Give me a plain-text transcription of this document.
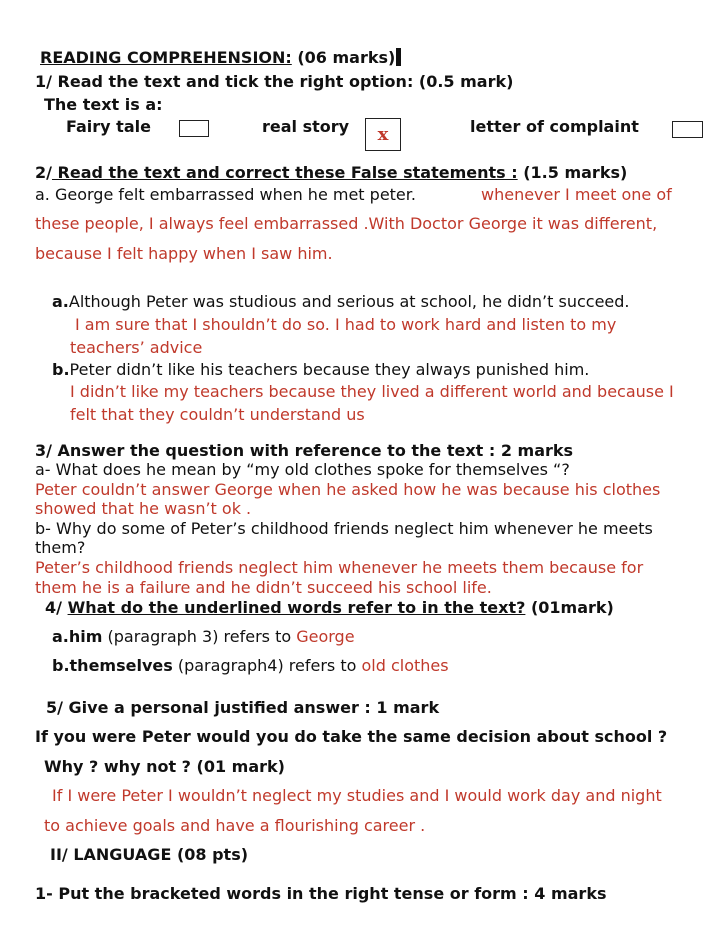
READING COMPREHENSION: (06 marks)
1/ Read the text and tick the right option: (0.5 mark)
The text is a:
Fairy tale	real story x	letter of complaint
2/ Read the text and correct these False statements : (1.5 marks)
a. George felt embarrassed when he met peter.	whenever I meet one of
these people, I always feel embarrassed .With Doctor George it was different,
because I felt happy when I saw him.
a.Although Peter was studious and serious at school, he didn’t succeed.
I am sure that I shouldn’t do so. I had to work hard and listen to my
teachers’ advice
b.Peter didn’t like his teachers because they always punished him.
I didn’t like my teachers because they lived a different world and because I
felt that they couldn’t understand us
3/ Answer the question with reference to the text : 2 marks
a- What does he mean by “my old clothes spoke for themselves “?
Peter couldn’t answer George when he asked how he was because his clothes
showed that he wasn’t ok .
b- Why do some of Peter’s childhood friends neglect him whenever he meets
them?
Peter’s childhood friends neglect him whenever he meets them because for
them he is a failure and he didn’t succeed his school life.
4/ What do the underlined words refer to in the text? (01mark)
a.him (paragraph 3) refers to George
b.themselves (paragraph4) refers to old clothes
5/ Give a personal justified answer : 1 mark
If you were Peter would you do take the same decision about school ?
Why ? why not ? (01 mark)
If I were Peter I wouldn’t neglect my studies and I would work day and night
to achieve goals and have a flourishing career .
II/ LANGUAGE (08 pts)
1- Put the bracketed words in the right tense or form : 4 marks
